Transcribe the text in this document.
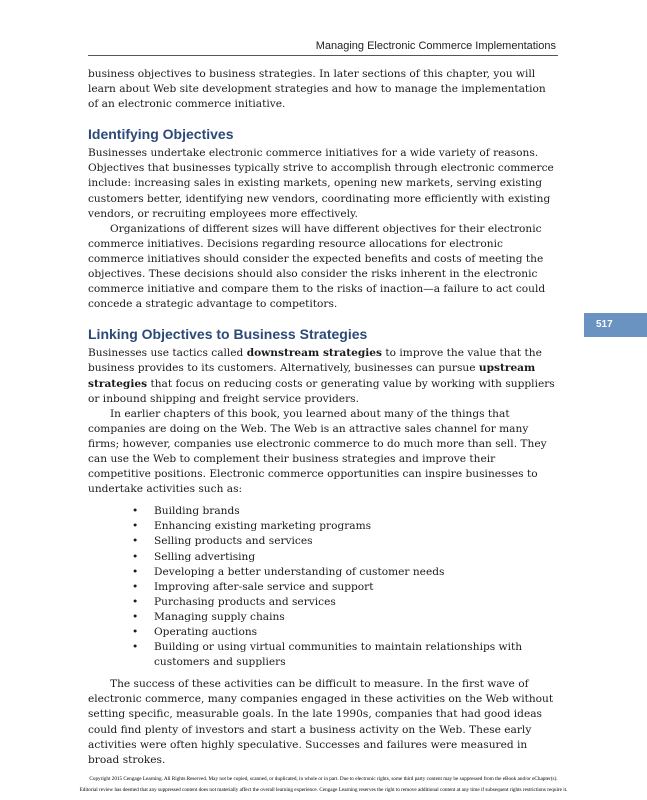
Managing Electronic Commerce Implementations
517

business objectives to business strategies. In later sections of this chapter, you will learn about Web site development strategies and how to manage the implementation of an electronic commerce initiative.

Identifying Objectives

Businesses undertake electronic commerce initiatives for a wide variety of reasons. Objectives that businesses typically strive to accomplish through electronic commerce include: increasing sales in existing markets, opening new markets, serving existing customers better, identifying new vendors, coordinating more efficiently with existing vendors, or recruiting employees more effectively.

Organizations of different sizes will have different objectives for their electronic commerce initiatives. Decisions regarding resource allocations for electronic commerce initiatives should consider the expected benefits and costs of meeting the objectives. These decisions should also consider the risks inherent in the electronic commerce initiative and compare them to the risks of inaction—a failure to act could concede a strategic advantage to competitors.

Linking Objectives to Business Strategies

Businesses use tactics called downstream strategies to improve the value that the business provides to its customers. Alternatively, businesses can pursue upstream strategies that focus on reducing costs or generating value by working with suppliers or inbound shipping and freight service providers.

In earlier chapters of this book, you learned about many of the things that companies are doing on the Web. The Web is an attractive sales channel for many firms; however, companies use electronic commerce to do much more than sell. They can use the Web to complement their business strategies and improve their competitive positions. Electronic commerce opportunities can inspire businesses to undertake activities such as:

• Building brands
• Enhancing existing marketing programs
• Selling products and services
• Selling advertising
• Developing a better understanding of customer needs
• Improving after-sale service and support
• Purchasing products and services
• Managing supply chains
• Operating auctions
• Building or using virtual communities to maintain relationships with customers and suppliers

The success of these activities can be difficult to measure. In the first wave of electronic commerce, many companies engaged in these activities on the Web without setting specific, measurable goals. In the late 1990s, companies that had good ideas could find plenty of investors and start a business activity on the Web. These early activities were often highly speculative. Successes and failures were measured in broad strokes.

Copyright 2015 Cengage Learning. All Rights Reserved. May not be copied, scanned, or duplicated, in whole or in part. Due to electronic rights, some third party content may be suppressed from the eBook and/or eChapter(s).
Editorial review has deemed that any suppressed content does not materially affect the overall learning experience. Cengage Learning reserves the right to remove additional content at any time if subsequent rights restrictions require it.
